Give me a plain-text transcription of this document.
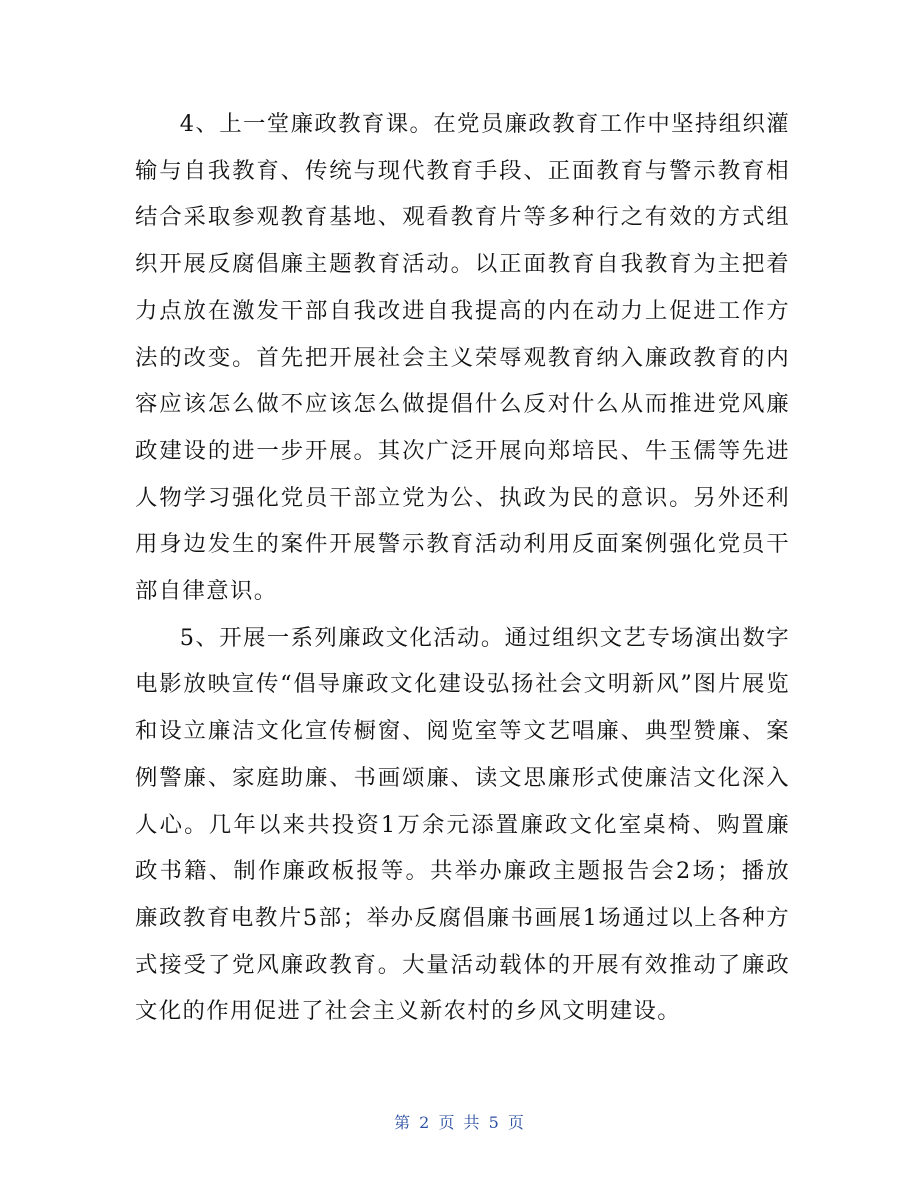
4、上一堂廉政教育课。在党员廉政教育工作中坚持组织灌输与自我教育、传统与现代教育手段、正面教育与警示教育相结合采取参观教育基地、观看教育片等多种行之有效的方式组织开展反腐倡廉主题教育活动。以正面教育自我教育为主把着力点放在激发干部自我改进自我提高的内在动力上促进工作方法的改变。首先把开展社会主义荣辱观教育纳入廉政教育的内容应该怎么做不应该怎么做提倡什么反对什么从而推进党风廉政建设的进一步开展。其次广泛开展向郑培民、牛玉儒等先进人物学习强化党员干部立党为公、执政为民的意识。另外还利用身边发生的案件开展警示教育活动利用反面案例强化党员干部自律意识。

5、开展一系列廉政文化活动。通过组织文艺专场演出数字电影放映宣传“倡导廉政文化建设弘扬社会文明新风”图片展览和设立廉洁文化宣传橱窗、阅览室等文艺唱廉、典型赞廉、案例警廉、家庭助廉、书画颂廉、读文思廉形式使廉洁文化深入人心。几年以来共投资1万余元添置廉政文化室桌椅、购置廉政书籍、制作廉政板报等。共举办廉政主题报告会2场；播放廉政教育电教片5部；举办反腐倡廉书画展1场通过以上各种方式接受了党风廉政教育。大量活动载体的开展有效推动了廉政文化的作用促进了社会主义新农村的乡风文明建设。

第 2 页 共 5 页
